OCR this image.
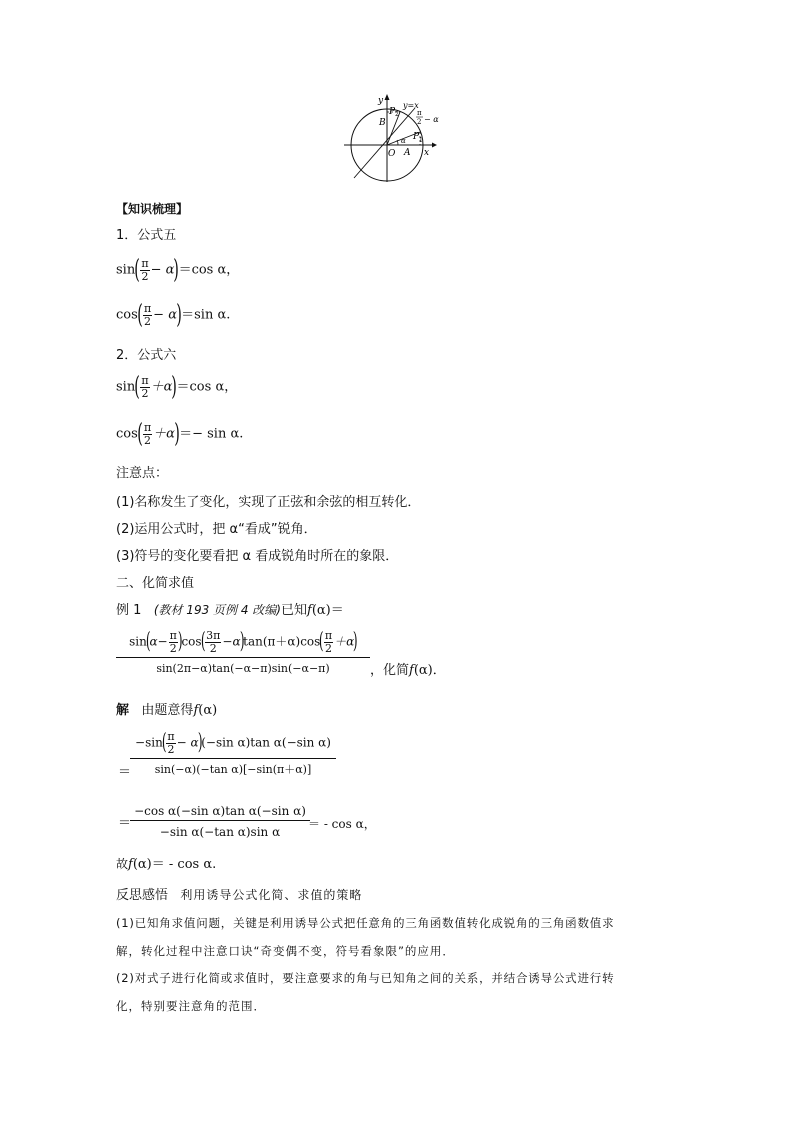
y y=x
P 2	π
2 − α
B
α P 1
x
O A
【知识梳理】
1．公式五
$\sin( \frac{\pi}{2} - \alpha)=\cos$ α，
$\cos( \frac{\pi}{2} - \alpha)=\sin$ α.
2．公式六
$\sin( \frac{\pi}{2} +\alpha)=\cos$ α，
$\cos( \frac{\pi}{2} +\alpha)=- \sin \alpha$.
注意点：
(1)名称发生了变化，实现了正弦和余弦的相互转化．
(2)运用公式时，把 α“看成”锐角．
(3)符号的变化要看把 α 看成锐角时所在的象限．
二、化简求值
例 1 (教材 193 页例 4 改编)已知f(α)＝
$\frac{\sin(\alpha- \frac{\pi}{2} )\cos( \frac{3\pi}{2} -\alpha)\tan(\pi+\alpha)\cos( \frac{\pi}{2} +\alpha)}{\sin(2\pi-\alpha)\tan(-\alpha-\pi)\sin(-\alpha-\pi)}$ ，化简f(α)．
解 由题意得f(α)
＝
$\frac{-\sin( \frac{\pi}{2} - \alpha)(-\sin \alpha)\tan \alpha(-\sin \alpha)}{\text{sin(−α)(−tan α)[−sin(π＋α)]}}$
＝
$\frac{\text{−cos α(−sin α)tan α(−sin α)}}{\text{−sin α(−tan α)sin α}}$
＝ - cos α，
故f(α)＝ - cos α.
反思感悟 利用诱导公式化简、求值的策略
(1)已知角求值问题，关键是利用诱导公式把任意角的三角函数值转化成锐角的三角函数值求
解，转化过程中注意口诀“奇变偶不变，符号看象限”的应用．
(2)对式子进行化简或求值时，要注意要求的角与已知角之间的关系，并结合诱导公式进行转
化，特别要注意角的范围．
